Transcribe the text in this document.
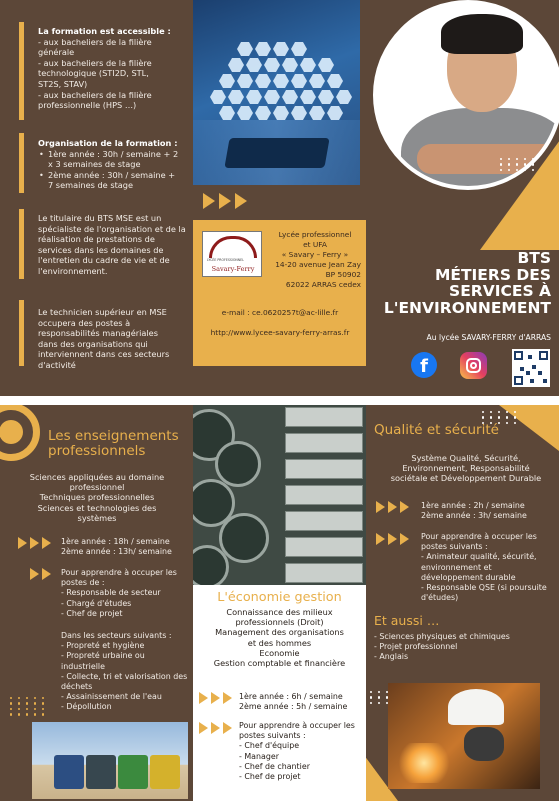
La formation est accessible :
- aux bacheliers de la filière générale
- aux bacheliers de la filière technologique (STI2D, STL, ST2S, STAV)
- aux bacheliers de la filière professionnelle (HPS …)
Organisation de la formation :
• 1ère année : 30h / semaine + 2 x 3 semaines de stage
• 2ème année : 30h / semaine + 7 semaines de stage
Le titulaire du BTS MSE est un spécialiste de l'organisation et de la réalisation de prestations de services dans les domaines de l'entretien du cadre de vie et de l'environnement.
Le technicien supérieur en MSE occupera des postes à responsabilités managériales dans des organisations qui interviennent dans ces secteurs d'activité
LYCÉE PROFESSIONNEL
Savary-Ferry
Lycée professionnel
et UFA
« Savary – Ferry »
14-20 avenue Jean Zay
BP 50902
62022 ARRAS cedex
e-mail : ce.0620257t@ac-lille.fr
http://www.lycee-savary-ferry-arras.fr
BTS
MÉTIERS DES
SERVICES À
L'ENVIRONNEMENT
Au lycée SAVARY-FERRY d'ARRAS
f
Les enseignements
professionnels
Sciences appliquées au domaine
professionnel
Techniques professionnelles
Sciences et technologies des
systèmes
1ère année : 18h / semaine
2ème année : 13h/ semaine
Pour apprendre à occuper les postes de :
- Responsable de secteur
- Chargé d'études
- Chef de projet
Dans les secteurs suivants :
- Propreté et hygiène
- Propreté urbaine ou industrielle
- Collecte, tri et valorisation des déchets
- Assainissement de l'eau
- Dépollution
L'économie gestion
Connaissance des milieux
professionnels (Droit)
Management des organisations
et des hommes
Economie
Gestion comptable et financière
1ère année : 6h / semaine
2ème année : 5h / semaine
Pour apprendre à occuper les postes suivants :
- Chef d'équipe
- Manager
- Chef de chantier
- Chef de projet
Qualité et sécurité
Système Qualité, Sécurité,
Environnement, Responsabilité
sociétale et Développement Durable
1ère année : 2h / semaine
2ème année : 3h/ semaine
Pour apprendre à occuper les postes suivants :
- Animateur qualité, sécurité, environnement et développement durable
- Responsable QSE (si poursuite d'études)
Et aussi …
- Sciences physiques et chimiques
- Projet professionnel
- Anglais
